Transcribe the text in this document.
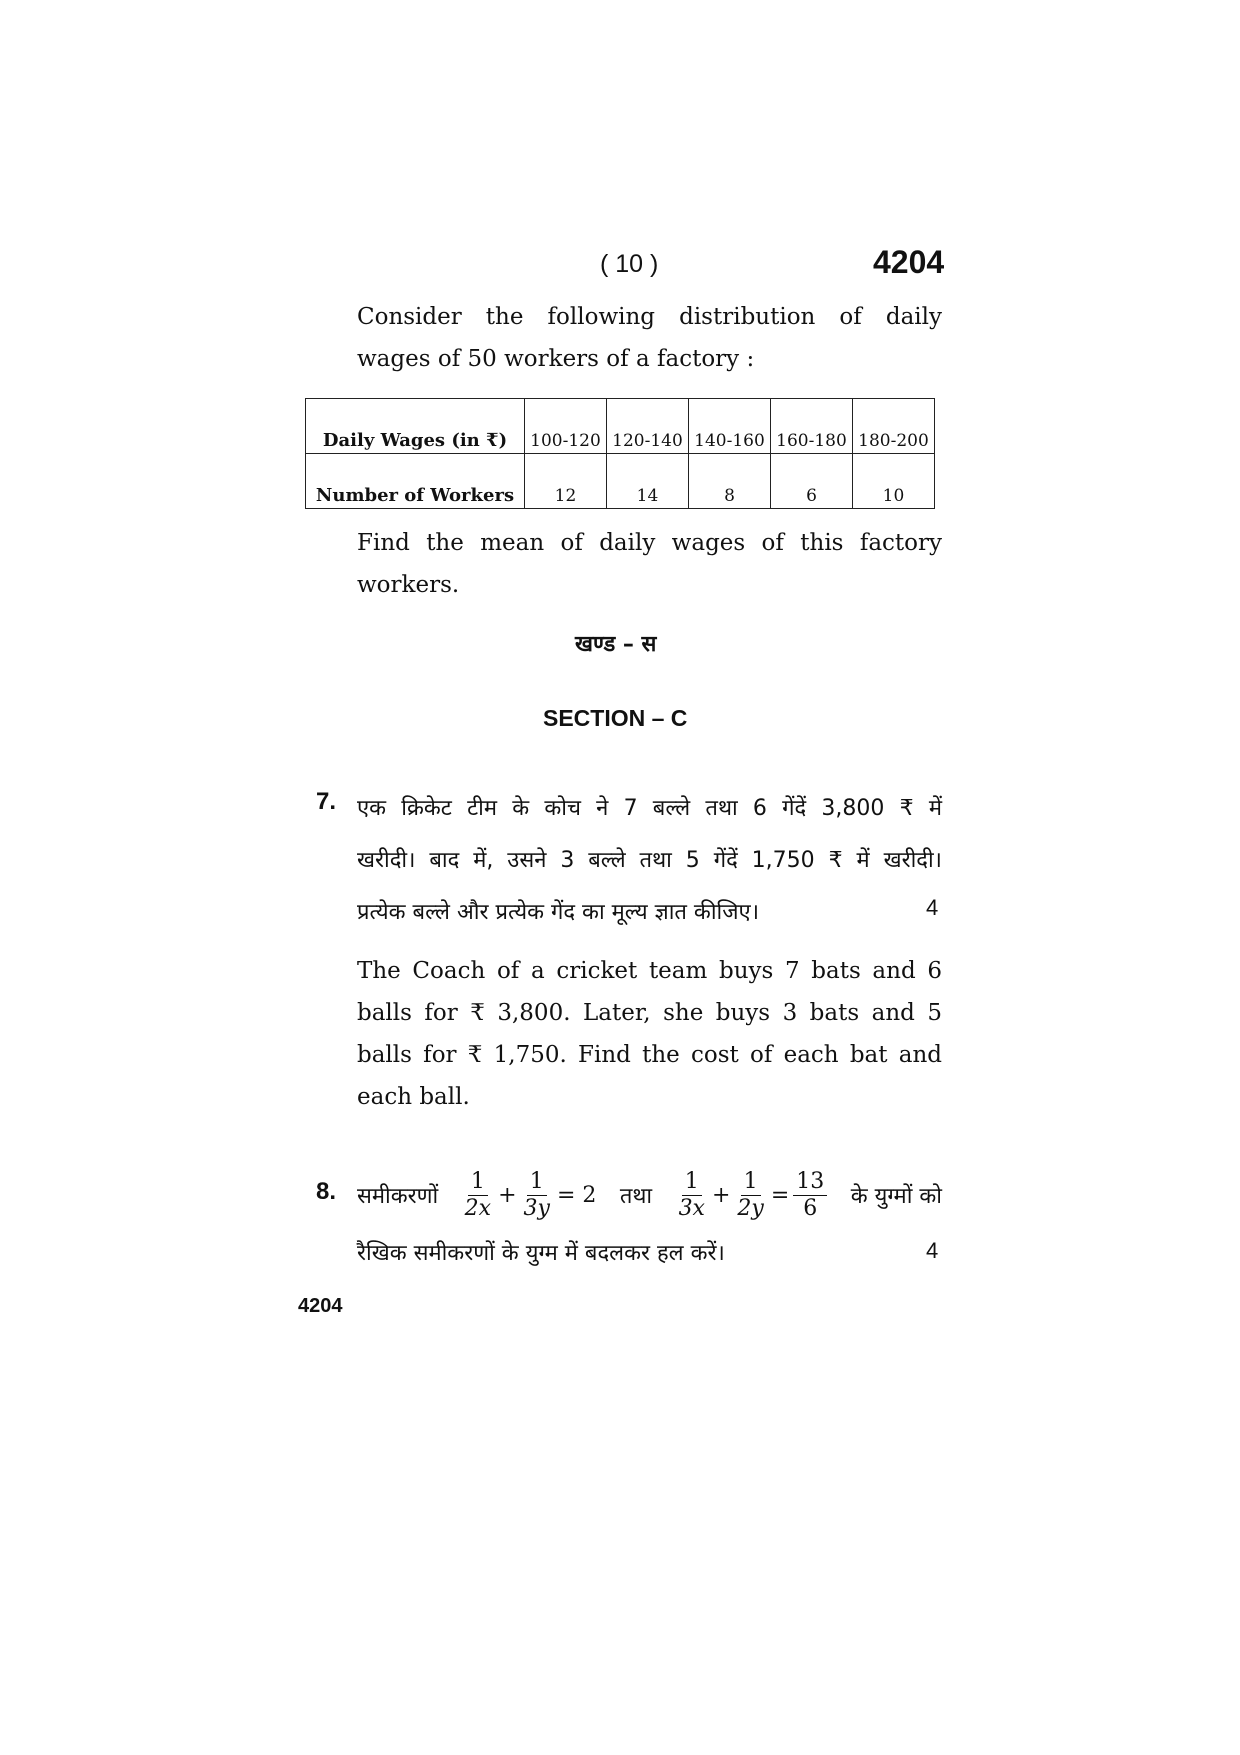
( 10 )	4204
Consider the following distribution of daily
wages of 50 workers of a factory :
Daily Wages (in ₹)	100-120	120-140	140-160	160-180	180-200
Number of Workers	12	14	8	6	10
Find the mean of daily wages of this factory
workers.
खण्ड – स
SECTION – C
7. एक क्रिकेट टीम के कोच ने 7 बल्ले तथा 6 गेंदें 3,800 ₹ में
खरीदी। बाद में, उसने 3 बल्ले तथा 5 गेंदें 1,750 ₹ में खरीदी।
प्रत्येक बल्ले और प्रत्येक गेंद का मूल्य ज्ञात कीजिए।	4
The Coach of a cricket team buys 7 bats and 6
balls for ₹ 3,800. Later, she buys 3 bats and 5
balls for ₹ 1,750. Find the cost of each bat and
each ball.
8. समीकरणों $\frac{1}{2x} + \frac{1}{3y} = 2$ तथा $\frac{1}{3x} + \frac{1}{2y} = \frac{13}{6}$ के युग्मों को
रैखिक समीकरणों के युग्म में बदलकर हल करें।	4
4204
